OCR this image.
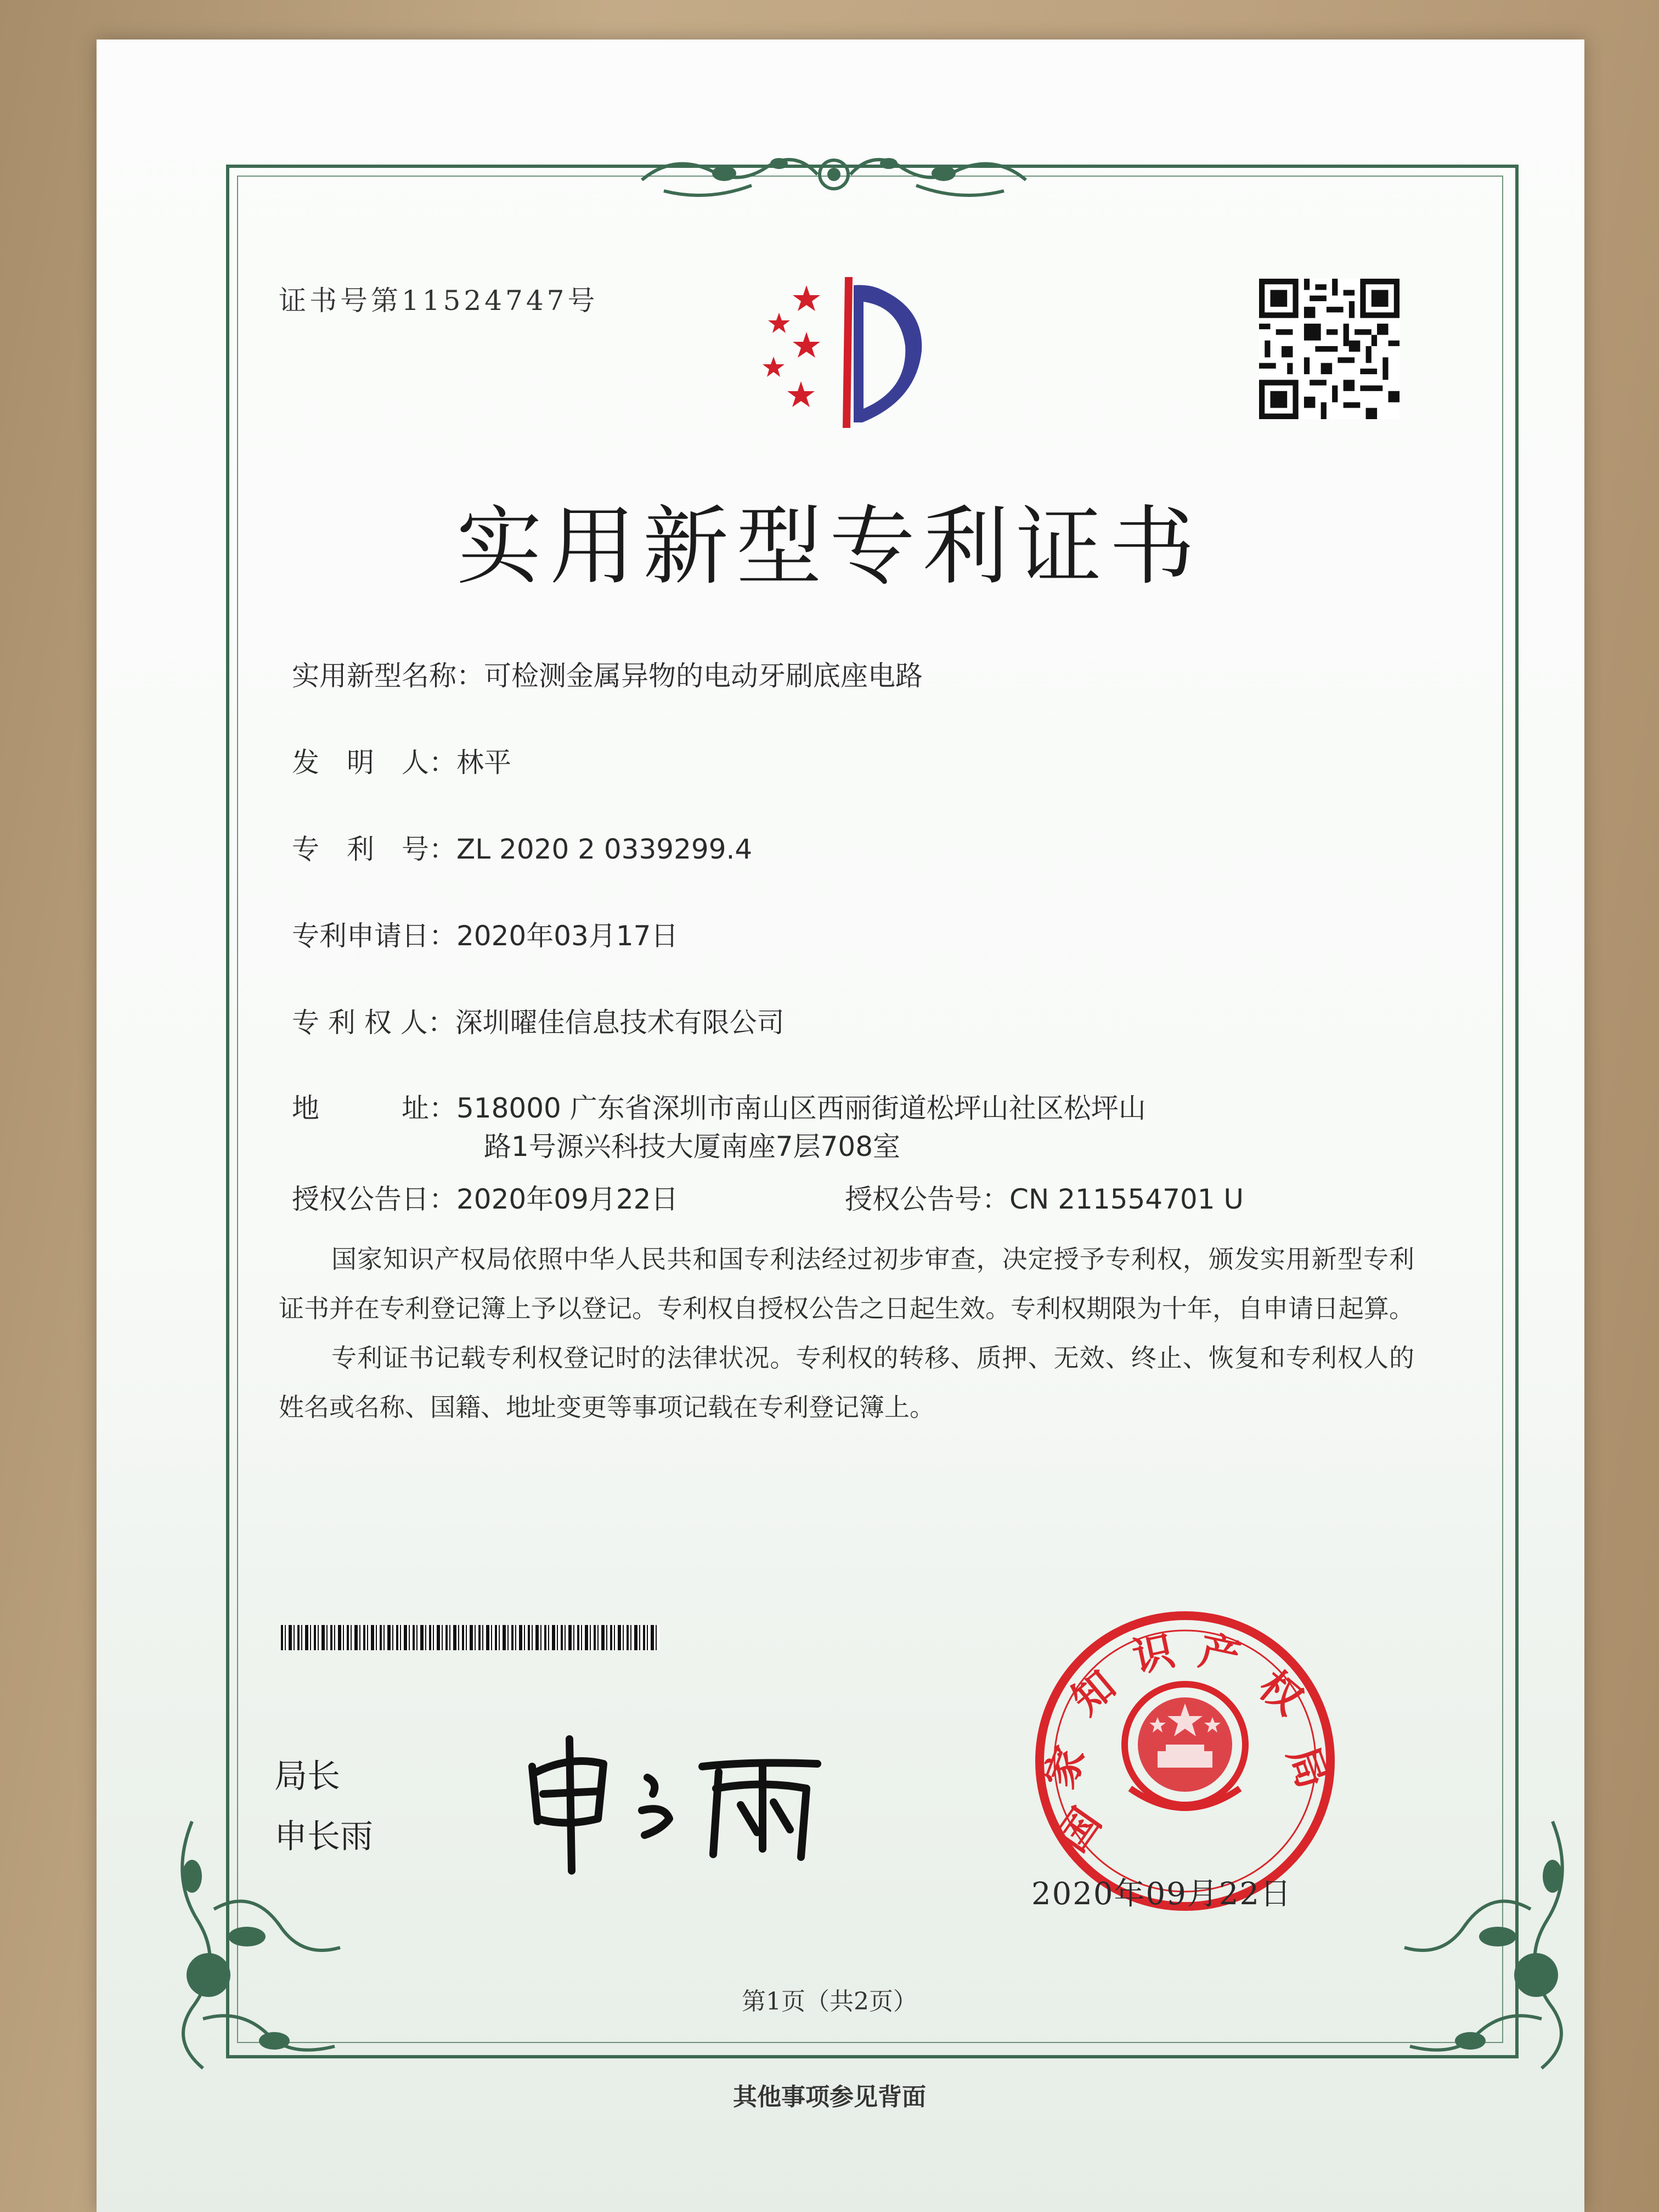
证书号第11524747号
实用新型专利证书
实用新型名称：可检测金属异物的电动牙刷底座电路
发　明　人：林平
专　利　号：ZL 2020 2 0339299.4
专利申请日：2020年03月17日
专 利 权 人：深圳曜佳信息技术有限公司
地　　　址：518000 广东省深圳市南山区西丽街道松坪山社区松坪山
路1号源兴科技大厦南座7层708室
授权公告日：2020年09月22日	授权公告号：CN 211554701 U

国家知识产权局依照中华人民共和国专利法经过初步审查，决定授予专利权，颁发实用新型专利证书并在专利登记簿上予以登记。专利权自授权公告之日起生效。专利权期限为十年，自申请日起算。

专利证书记载专利权登记时的法律状况。专利权的转移、质押、无效、终止、恢复和专利权人的姓名或名称、国籍、地址变更等事项记载在专利登记簿上。

局长
申长雨	国
家
知
识 产
权
局
2020年09月22日
第1页（共2页）
其他事项参见背面
